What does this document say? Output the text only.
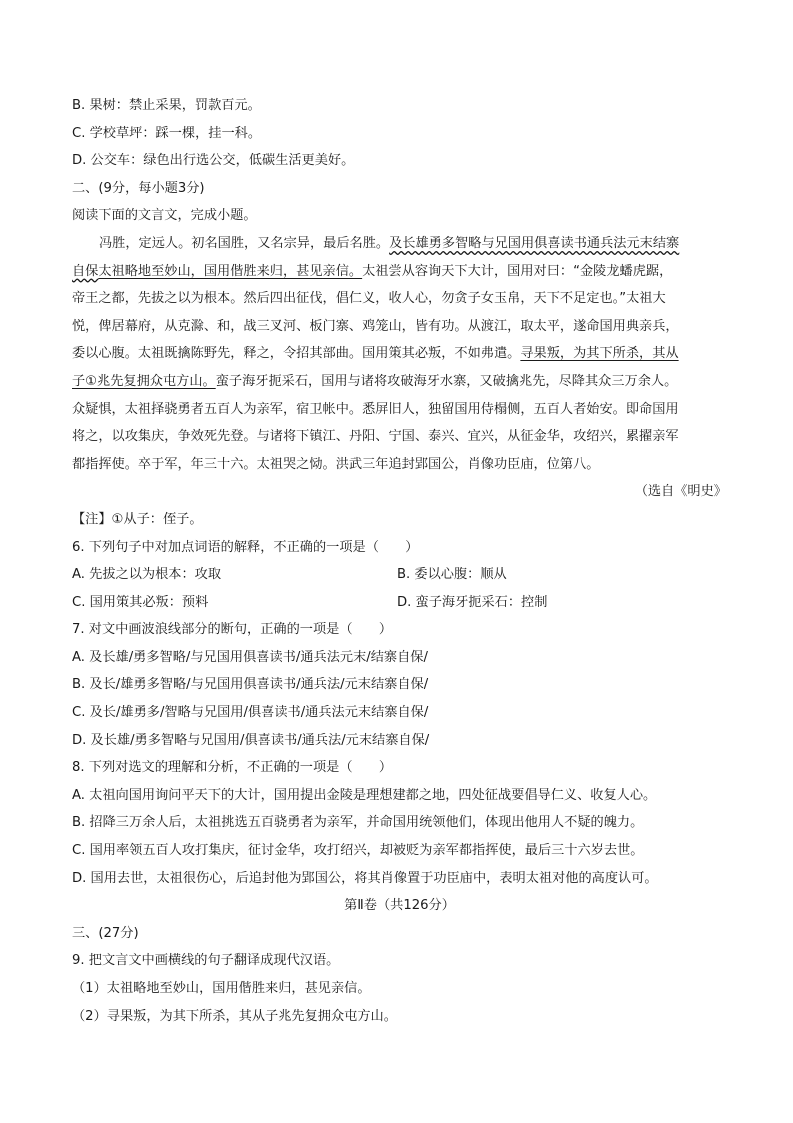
B. 果树：禁止采果，罚款百元。
C. 学校草坪：踩一棵，挂一科。
D. 公交车：绿色出行选公交，低碳生活更美好。
二、(9分，每小题3分)
阅读下面的文言文，完成小题。
冯胜，定远人。初名国胜，又名宗异，最后名胜。及长雄勇多智略与兄国用俱喜读书通兵法元末结寨
自保太祖略地至妙山，国用偕胜来归，甚见亲信。太祖尝从容询天下大计，国用对曰：“金陵龙蟠虎踞，
帝王之都，先拔之以为根本。然后四出征伐，倡仁义，收人心，勿贪子女玉帛，天下不足定也。”太祖大
悦，俾居幕府，从克滁、和，战三叉河、板门寨、鸡笼山，皆有功。从渡江，取太平，遂命国用典亲兵，
委以心腹。太祖既擒陈野先，释之，令招其部曲。国用策其必叛，不如弗遣。寻果叛，为其下所杀，其从
子①兆先复拥众屯方山。蛮子海牙扼采石，国用与诸将攻破海牙水寨，又破擒兆先，尽降其众三万余人。
众疑惧，太祖择骁勇者五百人为亲军，宿卫帐中。悉屏旧人，独留国用侍榻侧，五百人者始安。即命国用
将之，以攻集庆，争效死先登。与诸将下镇江、丹阳、宁国、泰兴、宜兴，从征金华，攻绍兴，累擢亲军
都指挥使。卒于军，年三十六。太祖哭之恸。洪武三年追封郢国公，肖像功臣庙，位第八。
（选自《明史》
【注】①从子：侄子。
6. 下列句子中对加点词语的解释，不正确的一项是（　　）
A. 先拔之以为根本：攻取	B. 委以心腹：顺从
C. 国用策其必叛：预料	D. 蛮子海牙扼采石：控制
7. 对文中画波浪线部分的断句，正确的一项是（　　）
A. 及长雄/勇多智略/与兄国用俱喜读书/通兵法元末/结寨自保/
B. 及长/雄勇多智略/与兄国用俱喜读书/通兵法/元末结寨自保/
C. 及长/雄勇多/智略与兄国用/俱喜读书/通兵法元末结寨自保/
D. 及长雄/勇多智略与兄国用/俱喜读书/通兵法/元末结寨自保/
8. 下列对选文的理解和分析，不正确的一项是（　　）
A. 太祖向国用询问平天下的大计，国用提出金陵是理想建都之地，四处征战要倡导仁义、收复人心。
B. 招降三万余人后，太祖挑选五百骁勇者为亲军，并命国用统领他们，体现出他用人不疑的魄力。
C. 国用率领五百人攻打集庆，征讨金华，攻打绍兴，却被贬为亲军都指挥使，最后三十六岁去世。
D. 国用去世，太祖很伤心，后追封他为郢国公，将其肖像置于功臣庙中，表明太祖对他的高度认可。
第Ⅱ卷（共126分）
三、(27分)
9. 把文言文中画横线的句子翻译成现代汉语。
（1）太祖略地至妙山，国用偕胜来归，甚见亲信。
（2）寻果叛，为其下所杀，其从子兆先复拥众屯方山。
